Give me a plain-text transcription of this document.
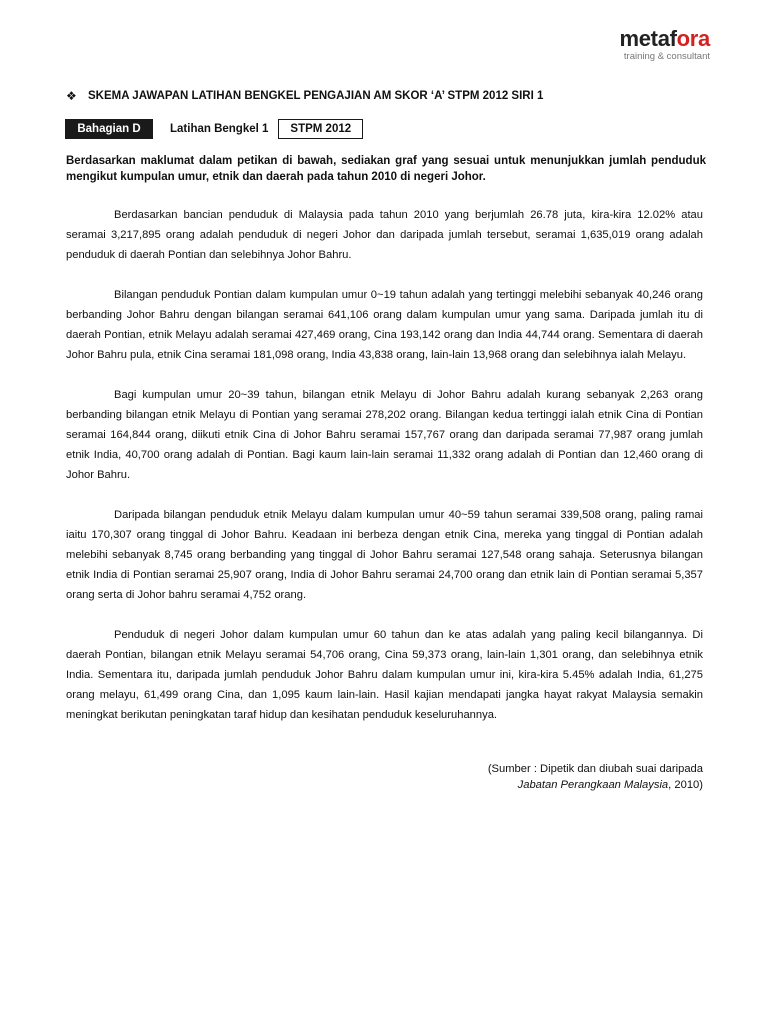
metafora
training & consultant
❖ SKEMA JAWAPAN LATIHAN BENGKEL PENGAJIAN AM SKOR ‘A’ STPM 2012 SIRI 1
Bahagian D	Latihan Bengkel 1	STPM 2012
Berdasarkan maklumat dalam petikan di bawah, sediakan graf yang sesuai untuk menunjukkan jumlah penduduk mengikut kumpulan umur, etnik dan daerah pada tahun 2010 di negeri Johor.

Berdasarkan bancian penduduk di Malaysia pada tahun 2010 yang berjumlah 26.78 juta, kira-kira 12.02% atau seramai 3,217,895 orang adalah penduduk di negeri Johor dan daripada jumlah tersebut, seramai 1,635,019 orang adalah penduduk di daerah Pontian dan selebihnya Johor Bahru.

Bilangan penduduk Pontian dalam kumpulan umur 0~19 tahun adalah yang tertinggi melebihi sebanyak 40,246 orang berbanding Johor Bahru dengan bilangan seramai 641,106 orang dalam kumpulan umur yang sama. Daripada jumlah itu di daerah Pontian, etnik Melayu adalah seramai 427,469 orang, Cina 193,142 orang dan India 44,744 orang. Sementara di daerah Johor Bahru pula, etnik Cina seramai 181,098 orang, India 43,838 orang, lain-lain 13,968 orang dan selebihnya ialah Melayu.

Bagi kumpulan umur 20~39 tahun, bilangan etnik Melayu di Johor Bahru adalah kurang sebanyak 2,263 orang berbanding bilangan etnik Melayu di Pontian yang seramai 278,202 orang. Bilangan kedua tertinggi ialah etnik Cina di Pontian seramai 164,844 orang, diikuti etnik Cina di Johor Bahru seramai 157,767 orang dan daripada seramai 77,987 orang jumlah etnik India, 40,700 orang adalah di Pontian. Bagi kaum lain-lain seramai 11,332 orang adalah di Pontian dan 12,460 orang di Johor Bahru.

Daripada bilangan penduduk etnik Melayu dalam kumpulan umur 40~59 tahun seramai 339,508 orang, paling ramai iaitu 170,307 orang tinggal di Johor Bahru. Keadaan ini berbeza dengan etnik Cina, mereka yang tinggal di Pontian adalah melebihi sebanyak 8,745 orang berbanding yang tinggal di Johor Bahru seramai 127,548 orang sahaja. Seterusnya bilangan etnik India di Pontian seramai 25,907 orang, India di Johor Bahru seramai 24,700 orang dan etnik lain di Pontian seramai 5,357 orang serta di Johor bahru seramai 4,752 orang.

Penduduk di negeri Johor dalam kumpulan umur 60 tahun dan ke atas adalah yang paling kecil bilangannya. Di daerah Pontian, bilangan etnik Melayu seramai 54,706 orang, Cina 59,373 orang, lain-lain 1,301 orang, dan selebihnya etnik India. Sementara itu, daripada jumlah penduduk Johor Bahru dalam kumpulan umur ini, kira-kira 5.45% adalah India, 61,275 orang melayu, 61,499 orang Cina, dan 1,095 kaum lain-lain. Hasil kajian mendapati jangka hayat rakyat Malaysia semakin meningkat berikutan peningkatan taraf hidup dan kesihatan penduduk keseluruhannya.

(Sumber : Dipetik dan diubah suai daripada
Jabatan Perangkaan Malaysia, 2010)
